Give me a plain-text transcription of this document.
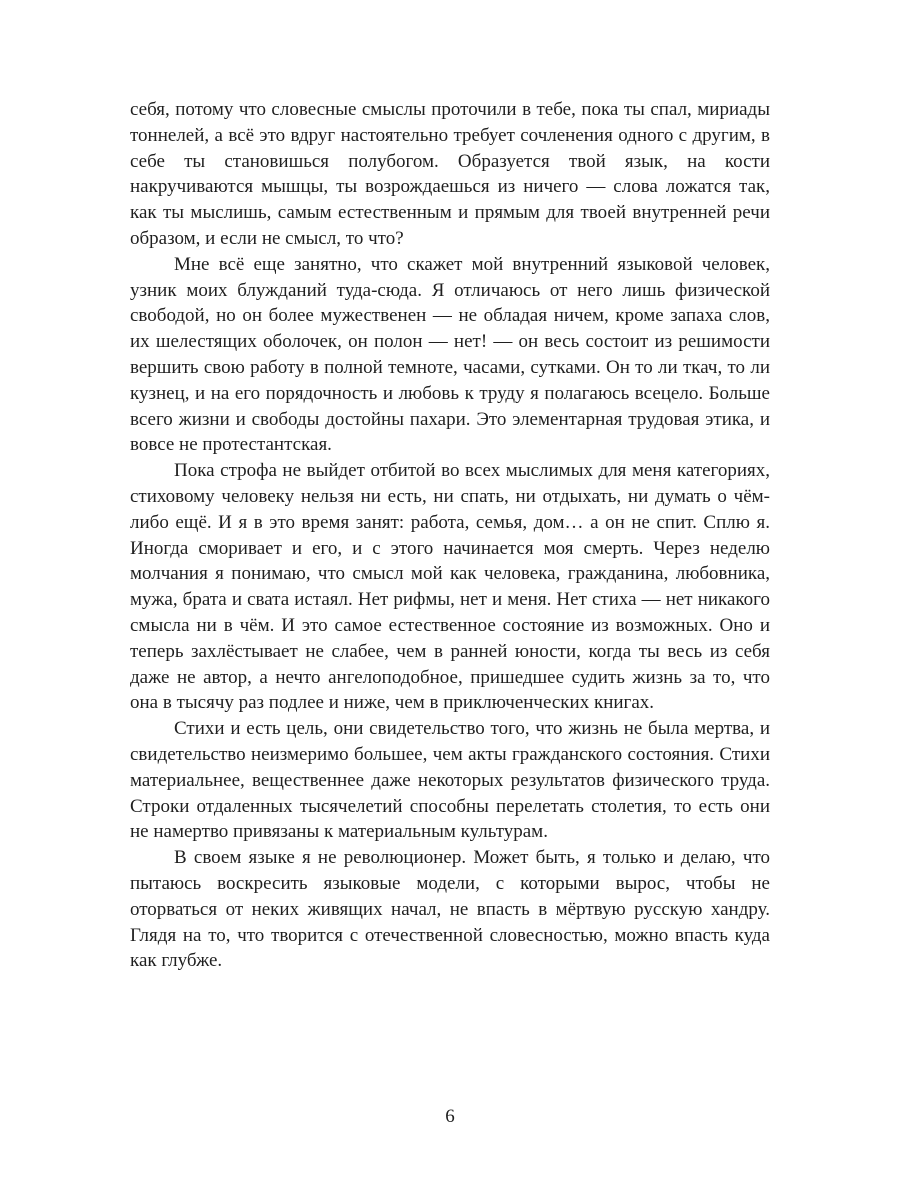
себя, потому что словесные смыслы проточили в тебе, пока ты спал, мириады тоннелей, а всё это вдруг настоятельно требует сочленения одного с другим, в себе ты становишься полубогом. Образуется твой язык, на кости накручиваются мышцы, ты возрождаешься из ничего — слова ложатся так, как ты мыслишь, самым естественным и прямым для твоей внутренней речи образом, и если не смысл, то что?

Мне всё еще занятно, что скажет мой внутренний языковой человек, узник моих блужданий туда-сюда. Я отличаюсь от него лишь физической свободой, но он более мужественен — не обладая ничем, кроме запаха слов, их шелестящих оболочек, он полон — нет! — он весь состоит из решимости вершить свою работу в полной темноте, часами, сутками. Он то ли ткач, то ли кузнец, и на его порядочность и любовь к труду я полагаюсь всецело. Больше всего жизни и свободы достойны пахари. Это элементарная трудовая этика, и вовсе не протестантская.

Пока строфа не выйдет отбитой во всех мыслимых для меня категориях, стиховому человеку нельзя ни есть, ни спать, ни отдыхать, ни думать о чём-либо ещё. И я в это время занят: работа, семья, дом… а он не спит. Сплю я. Иногда сморивает и его, и с этого начинается моя смерть. Через неделю молчания я понимаю, что смысл мой как человека, гражданина, любовника, мужа, брата и свата истаял. Нет рифмы, нет и меня. Нет стиха — нет никакого смысла ни в чём. И это самое естественное состояние из возможных. Оно и теперь захлёстывает не слабее, чем в ранней юности, когда ты весь из себя даже не автор, а нечто ангелоподобное, пришедшее судить жизнь за то, что она в тысячу раз подлее и ниже, чем в приключенческих книгах.

Стихи и есть цель, они свидетельство того, что жизнь не была мертва, и свидетельство неизмеримо большее, чем акты гражданского состояния. Стихи материальнее, вещественнее даже некоторых результатов физического труда. Строки отдаленных тысячелетий способны перелетать столетия, то есть они не намертво привязаны к материальным культурам.

В своем языке я не революционер. Может быть, я только и делаю, что пытаюсь воскресить языковые модели, с которыми вырос, чтобы не оторваться от неких живящих начал, не впасть в мёртвую русскую хандру. Глядя на то, что творится с отечественной словесностью, можно впасть куда как глубже.

6
